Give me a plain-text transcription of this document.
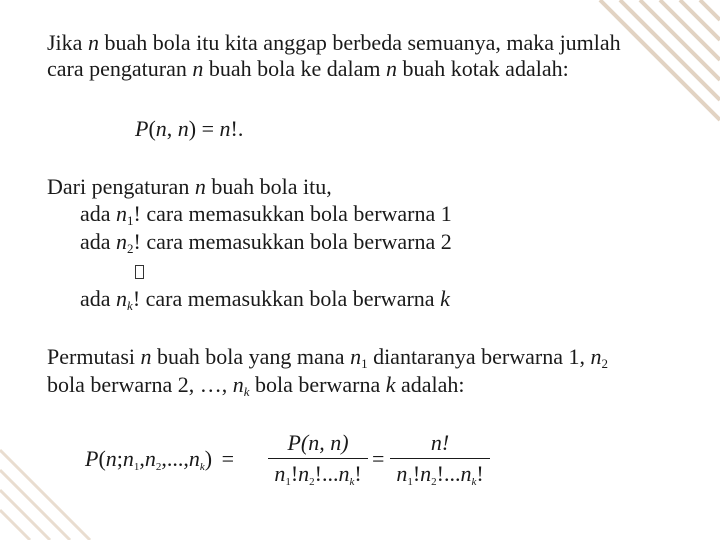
Jika n buah bola itu kita anggap berbeda semuanya, maka jumlah

cara pengaturan n buah bola ke dalam n buah kotak adalah:

P(n, n) = n!.

Dari pengaturan n buah bola itu,

ada $n_1$! cara memasukkan bola berwarna 1

ada $n_2$! cara memasukkan bola berwarna 2

ada $n_k$! cara memasukkan bola berwarna k

Permutasi n buah bola yang mana $n_1$ diantaranya berwarna 1, $n_2$

bola berwarna 2, …, $n_k$ bola berwarna k adalah:

$P(n;n_1,n_2,...,n_k)$ =

P(n, n)
$n_1!n_2!...n_k$!

=

n!
$n_1!n_2!...n_k$!
